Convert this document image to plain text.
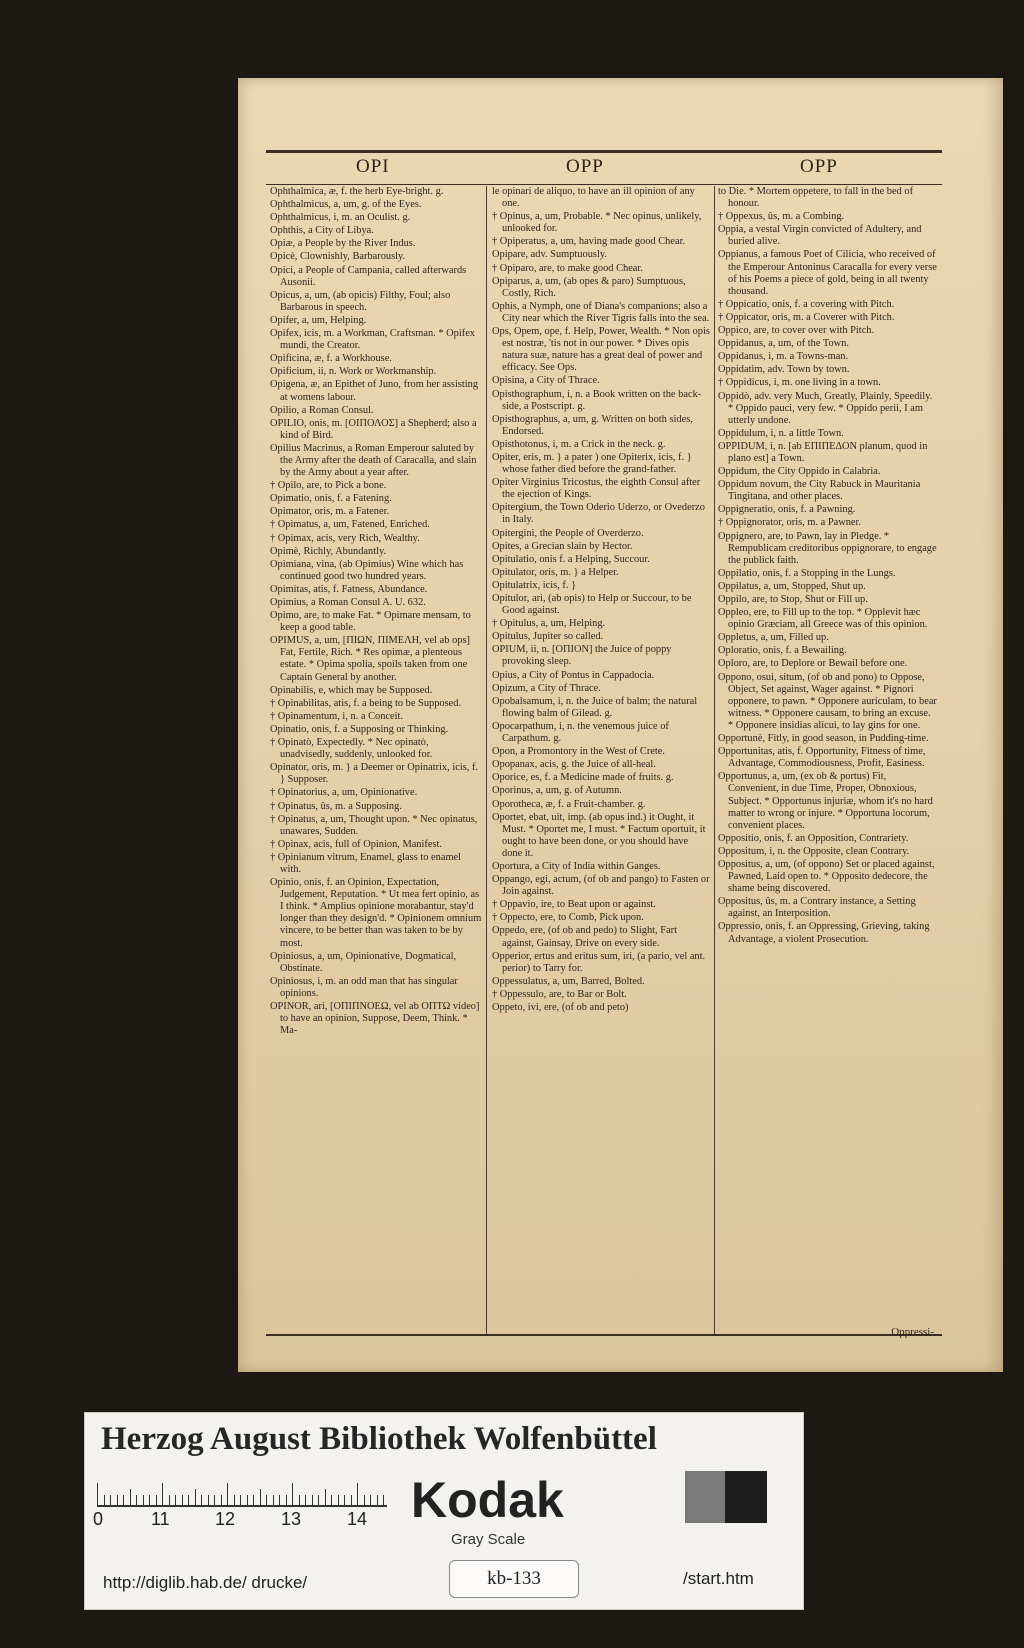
OPI	OPP	OPP
Ophthalmica, æ, f. the herb Eye-bright. g.
Ophthalmicus, a, um, g. of the Eyes.
Ophthalmicus, i, m. an Oculist. g.
Ophthis, a City of Libya.
Opiæ, a People by the River Indus.
Opicè, Clownishly, Barbarously.
Opici, a People of Campania, called afterwards Ausonii.
Opicus, a, um, (ab opicis) Filthy, Foul; also Barbarous in speech.
Opifer, a, um, Helping.
Opifex, icis, m. a Workman, Craftsman. * Opifex mundi, the Creator.
Opificina, æ, f. a Workhouse.
Opificium, ii, n. Work or Workmanship.
Opigena, æ, an Epithet of Juno, from her assisting at womens labour.
Opilio, a Roman Consul.
OPILIO, onis, m. [ΟΙΠΟΛΟΣ] a Shepherd; also a kind of Bird.
Opilius Macrinus, a Roman Emperour saluted by the Army after the death of Caracalla, and slain by the Army about a year after.
† Opilo, are, to Pick a bone.
Opimatio, onis, f. a Fatening.
Opimator, oris, m. a Fatener.
† Opimatus, a, um, Fatened, Enriched.
† Opimax, acis, very Rich, Wealthy.
Opimè, Richly, Abundantly.
Opimiana, vina, (ab Opimius) Wine which has continued good two hundred years.
Opimitas, atis, f. Fatness, Abundance.
Opimius, a Roman Consul A. U. 632.
Opimo, are, to make Fat. * Opimare mensam, to keep a good table.
OPIMUS, a, um, [ΠΙΩΝ, ΠΙΜΕΛΗ, vel ab ops] Fat, Fertile, Rich. * Res opimæ, a plenteous estate. * Opima spolia, spoils taken from one Captain General by another.
Opinabilis, e, which may be Supposed.
† Opinabilitas, atis, f. a being to be Supposed.
† Opinamentum, i, n. a Conceit.
Opinatio, onis, f. a Supposing or Thinking.
† Opinatò, Expectedly. * Nec opinatò, unadvisedly, suddenly, unlooked for.
Opinator, oris, m. } a Deemer or Opinatrix, icis, f. } Supposer.
† Opinatorius, a, um, Opinionative.
† Opinatus, ûs, m. a Supposing.
† Opinatus, a, um, Thought upon. * Nec opinatus, unawares, Sudden.
† Opinax, acis, full of Opinion, Manifest.
† Opinianum vitrum, Enamel, glass to enamel with.
Opinio, onis, f. an Opinion, Expectation, Judgement, Reputation. * Ut mea fert opinio, as I think. * Amplius opinione morabantur, stay'd longer than they design'd. * Opinionem omnium vincere, to be better than was taken to be by most.
Opiniosus, a, um, Opinionative, Dogmatical, Obstinate.
Opiniosus, i, m. an odd man that has singular opinions.
OPINOR, ari, [ΟΠΙΠΝΟΕΩ, vel ab ΟΠΤΩ video] to have an opinion, Suppose, Deem, Think. * Ma-
le opinari de aliquo, to have an ill opinion of any one.
† Opinus, a, um, Probable. * Nec opinus, unlikely, unlooked for.
† Opiperatus, a, um, having made good Chear.
Opipare, adv. Sumptuously.
† Opiparo, are, to make good Chear.
Opiparus, a, um, (ab opes & paro) Sumptuous, Costly, Rich.
Ophis, a Nymph, one of Diana's companions; also a City near which the River Tigris falls into the sea.
Ops, Opem, ope, f. Help, Power, Wealth. * Non opis est nostræ, 'tis not in our power. * Dives opis natura suæ, nature has a great deal of power and efficacy. See Ops.
Opisina, a City of Thrace.
Opisthographum, i, n. a Book written on the back-side, a Postscript. g.
Opisthographus, a, um, g. Written on both sides, Endorsed.
Opisthotonus, i, m. a Crick in the neck. g.
Opiter, eris, m. } a pater ) one Opiterix, icis, f. } whose father died before the grand-father.
Opiter Virginius Tricostus, the eighth Consul after the ejection of Kings.
Opitergium, the Town Oderio Uderzo, or Ovederzo in Italy.
Opitergini, the People of Overderzo.
Opites, a Grecian slain by Hector.
Opitulatio, onis f. a Helping, Succour.
Opitulator, oris, m. } a Helper.
Opitulatrix, icis, f. }
Opitulor, ari, (ab opis) to Help or Succour, to be Good against.
† Opitulus, a, um, Helping.
Opitulus, Jupiter so called.
OPIUM, ii, n. [ΟΠΙΟΝ] the Juice of poppy provoking sleep.
Opius, a City of Pontus in Cappadocia.
Opizum, a City of Thrace.
Opobalsamum, i, n. the Juice of balm; the natural flowing balm of Gilead. g.
Opocarpathum, i, n. the venemous juice of Carpathum. g.
Opon, a Promontory in the West of Crete.
Opopanax, acis, g. the Juice of all-heal.
Oporice, es, f. a Medicine made of fruits. g.
Oporinus, a, um, g. of Autumn.
Oporotheca, æ, f. a Fruit-chamber. g.
Oportet, ebat, uit, imp. (ab opus ind.) it Ought, it Must. * Oportet me, I must. * Factum oportuit, it ought to have been done, or you should have done it.
Oportura, a City of India within Ganges.
Oppango, egi, actum, (of ob and pango) to Fasten or Join against.
† Oppavio, ire, to Beat upon or against.
† Oppecto, ere, to Comb, Pick upon.
Oppedo, ere, (of ob and pedo) to Slight, Fart against, Gainsay, Drive on every side.
Opperior, ertus and eritus sum, iri, (a pario, vel ant. perior) to Tarry for.
Oppessulatus, a, um, Barred, Bolted.
† Oppessulo, are, to Bar or Bolt.
Oppeto, ivi, ere, (of ob and peto)
to Die. * Mortem oppetere, to fall in the bed of honour.
† Oppexus, ûs, m. a Combing.
Oppia, a vestal Virgin convicted of Adultery, and buried alive.
Oppianus, a famous Poet of Cilicia, who received of the Emperour Antoninus Caracalla for every verse of his Poems a piece of gold, being in all twenty thousand.
† Oppicatio, onis, f. a covering with Pitch.
† Oppicator, oris, m. a Coverer with Pitch.
Oppico, are, to cover over with Pitch.
Oppidanus, a, um, of the Town.
Oppidanus, i, m. a Towns-man.
Oppidatim, adv. Town by town.
† Oppidicus, i, m. one living in a town.
Oppidò, adv. very Much, Greatly, Plainly, Speedily. * Oppido pauci, very few. * Oppido perii, I am utterly undone.
Oppidulum, i, n. a little Town.
OPPIDUM, i, n. [ab ΕΠΙΠΕΔΟΝ planum, quod in plano est] a Town.
Oppidum, the City Oppido in Calabria.
Oppidum novum, the City Rabuck in Mauritania Tingitana, and other places.
Oppigneratio, onis, f. a Pawning.
† Oppignorator, oris, m. a Pawner.
Oppignero, are, to Pawn, lay in Pledge. * Rempublicam creditoribus oppignorare, to engage the publick faith.
Oppilatio, onis, f. a Stopping in the Lungs.
Oppilatus, a, um, Stopped, Shut up.
Oppilo, are, to Stop, Shut or Fill up.
Oppleo, ere, to Fill up to the top. * Opplevit hæc opinio Græciam, all Greece was of this opinion.
Oppletus, a, um, Filled up.
Oploratio, onis, f. a Bewailing.
Oploro, are, to Deplore or Bewail before one.
Oppono, osui, situm, (of ob and pono) to Oppose, Object, Set against, Wager against. * Pignori opponere, to pawn. * Opponere auriculam, to bear witness. * Opponere causam, to bring an excuse. * Opponere insidias alicui, to lay gins for one.
Opportunè, Fitly, in good season, in Pudding-time.
Opportunitas, atis, f. Opportunity, Fitness of time, Advantage, Commodiousness, Profit, Easiness.
Opportunus, a, um, (ex ob & portus) Fit, Convenient, in due Time, Proper, Obnoxious, Subject. * Opportunus injuriæ, whom it's no hard matter to wrong or injure. * Opportuna locorum, convenient places.
Oppositio, onis, f. an Opposition, Contrariety.
Oppositum, i, n. the Opposite, clean Contrary.
Oppositus, a, um, (of oppono) Set or placed against, Pawned, Laid open to. * Opposito dedecore, the shame being discovered.
Oppositus, ûs, m. a Contrary instance, a Setting against, an Interposition.
Oppressio, onis, f. an Oppressing, Grieving, taking Advantage, a violent Prosecution.
Oppressi-
Herzog August Bibliothek Wolfenbüttel
0	11	12	13	14 Kodak
Gray Scale
http://diglib.hab.de/ drucke/	kb-133	/start.htm
